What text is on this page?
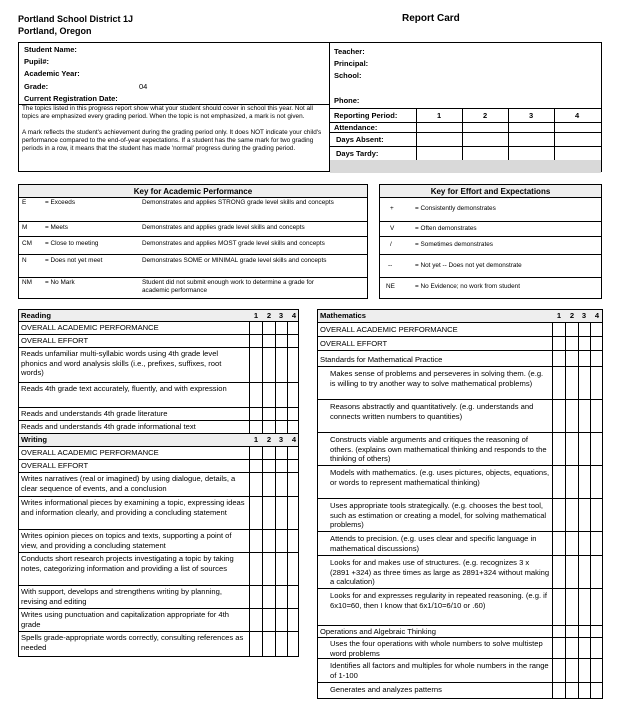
Portland School District 1J
Portland, Oregon
Report Card
Student Name:
Pupil#:
Academic Year:
Grade:	04
Current Registration Date:
The topics listed in this progress report show what your student should cover in school this year. Not all topics are emphasized every grading period. When the topic is not emphasized, a mark is not given.
A mark reflects the student's achievement during the grading period only. It does NOT indicate your child's performance compared to the end-of-year expectations. If a student has the same mark for two grading periods in a row, it means that the student has made 'normal' progress during the grading period.
Teacher:
Principal:
School:
Phone:
Reporting Period:	1	2	3	4
Attendance:
Days Absent:
Days Tardy:
Key for Academic Performance
E	= Exceeds	Demonstrates and applies STRONG grade level skills and concepts
M	= Meets	Demonstrates and applies grade level skills and concepts
CM = Close to meeting	Demonstrates and applies MOST grade level skills and concepts
N	= Does not yet meet	Demonstrates SOME or MINIMAL grade level skills and concepts
NM = No Mark	Student did not submit enough work to determine a grade for academic performance
Key for Effort and Expectations
+	= Consistently demonstrates
V	= Often demonstrates
/	= Sometimes demonstrates
--	= Not yet -- Does not yet demonstrate
NE	= No Evidence; no work from student
Reading	1	2	3	4
OVERALL ACADEMIC PERFORMANCE
OVERALL EFFORT
Reads unfamiliar multi-syllabic words using 4th grade level phonics and word analysis skills (i.e., prefixes, suffixes, root words)
Reads 4th grade text accurately, fluently, and with expression
Reads and understands 4th grade literature
Reads and understands 4th grade informational text
Writing	1	2	3	4
OVERALL ACADEMIC PERFORMANCE
OVERALL EFFORT
Writes narratives (real or imagined) by using dialogue, details, a clear sequence of events, and a conclusion
Writes informational pieces by examining a topic, expressing ideas and information clearly, and providing a concluding statement
Writes opinion pieces on topics and texts, supporting a point of view, and providing a concluding statement
Conducts short research projects investigating a topic by taking notes, categorizing information and providing a list of sources
With support, develops and strengthens writing by planning, revising and editing
Writes using punctuation and capitalization appropriate for 4th grade
Spells grade-appropriate words correctly, consulting references as needed
Mathematics	1	2	3	4
OVERALL ACADEMIC PERFORMANCE
OVERALL EFFORT
Standards for Mathematical Practice
Makes sense of problems and perseveres in solving them. (e.g. is willing to try another way to solve mathematical problems)
Reasons abstractly and quantitatively. (e.g. understands and connects written numbers to quantities)
Constructs viable arguments and critiques the reasoning of others. (explains own mathematical thinking and responds to the thinking of others)
Models with mathematics. (e.g. uses pictures, objects, equations, or words to represent mathematical thinking)
Uses appropriate tools strategically. (e.g. chooses the best tool, such as estimation or creating a model, for solving mathematical problems)
Attends to precision. (e.g. uses clear and specific language in mathematical discussions)
Looks for and makes use of structures. (e.g. recognizes 3 x (2891 +324) as three times as large as 2891+324 without making a calculation)
Looks for and expresses regularity in repeated reasoning. (e.g. if 6x10=60, then I know that 6x1/10=6/10 or .60)
Operations and Algebraic Thinking
Uses the four operations with whole numbers to solve multistep word problems
Identifies all factors and multiples for whole numbers in the range of 1-100
Generates and analyzes patterns
